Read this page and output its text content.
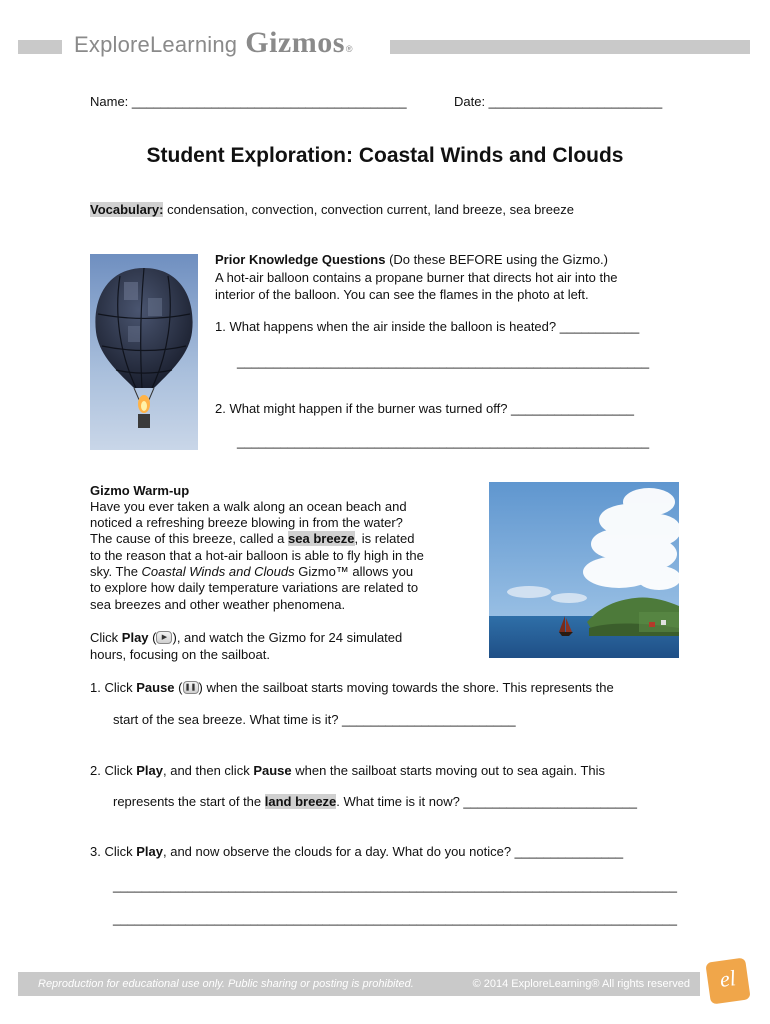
ExploreLearning Gizmos ®
Name: ______________________________________	Date: ________________________
Student Exploration: Coastal Winds and Clouds
Vocabulary: condensation, convection, convection current, land breeze, sea breeze
Prior Knowledge Questions (Do these BEFORE using the Gizmo.)
A hot-air balloon contains a propane burner that directs hot air into the
interior of the balloon. You can see the flames in the photo at left.
1. What happens when the air inside the balloon is heated? ___________
_________________________________________________________
2. What might happen if the burner was turned off? _________________
_________________________________________________________
Gizmo Warm-up
Have you ever taken a walk along an ocean beach and
noticed a refreshing breeze blowing in from the water?
The cause of this breeze, called a sea breeze, is related
to the reason that a hot-air balloon is able to fly high in the
sky. The Coastal Winds and Clouds Gizmo™ allows you
to explore how daily temperature variations are related to
sea breezes and other weather phenomena.
Click Play ( ▶ ), and watch the Gizmo for 24 simulated
hours, focusing on the sailboat.
1. Click Pause ( ❚❚ ) when the sailboat starts moving towards the shore. This represents the
start of the sea breeze. What time is it? ________________________
2. Click Play, and then click Pause when the sailboat starts moving out to sea again. This
represents the start of the land breeze. What time is it now? ________________________
3. Click Play, and now observe the clouds for a day. What do you notice? _______________
______________________________________________________________________________
______________________________________________________________________________
Reproduction for educational use only. Public sharing or posting is prohibited.	© 2014 ExploreLearning® All rights reserved	el
